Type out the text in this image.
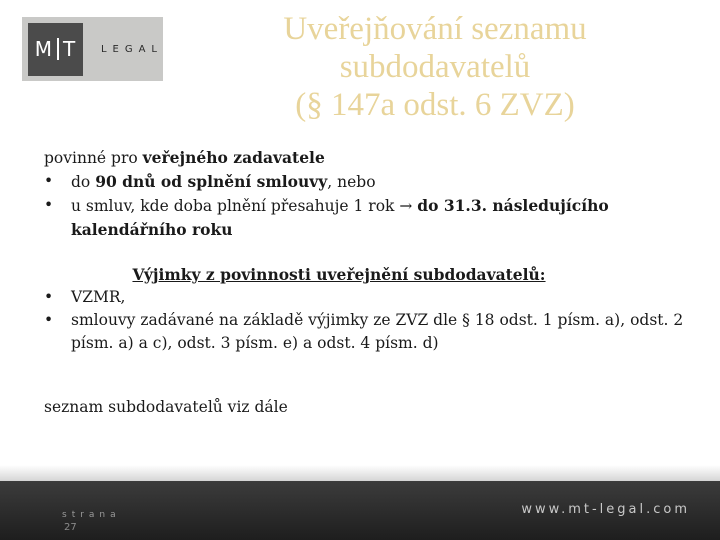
M T LEGAL
Uveřejňování seznamu
subdodavatelů
(§ 147a odst. 6 ZVZ)
povinné pro veřejného zadavatele
• do 90 dnů od splnění smlouvy, nebo
• u smluv, kde doba plnění přesahuje 1 rok → do 31.3. následujícího kalendářního roku
Výjimky z povinnosti uveřejnění subdodavatelů:
• VZMR,
• smlouvy zadávané na základě výjimky ze ZVZ dle § 18 odst. 1 písm. a), odst. 2 písm. a) a c), odst. 3 písm. e) a odst. 4 písm. d)
seznam subdodavatelů viz dále
strana
27
www.mt-legal.com
